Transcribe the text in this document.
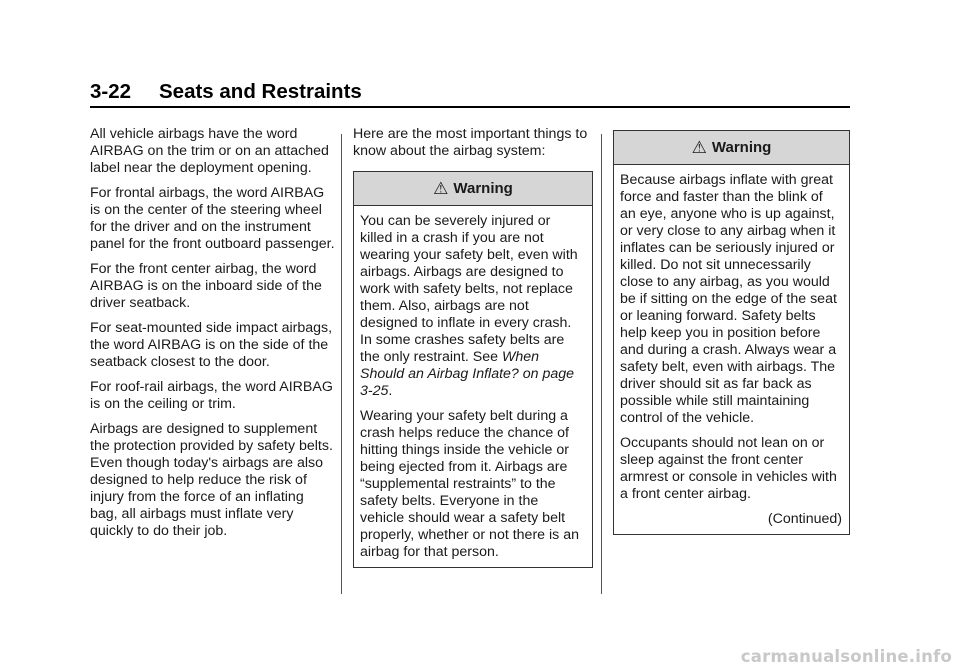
3-22 Seats and Restraints

All vehicle airbags have the word AIRBAG on the trim or on an attached label near the deployment opening.

For frontal airbags, the word AIRBAG is on the center of the steering wheel for the driver and on the instrument panel for the front outboard passenger.

For the front center airbag, the word AIRBAG is on the inboard side of the driver seatback.

For seat-mounted side impact airbags, the word AIRBAG is on the side of the seatback closest to the door.

For roof-rail airbags, the word AIRBAG is on the ceiling or trim.

Airbags are designed to supplement the protection provided by safety belts. Even though today's airbags are also designed to help reduce the risk of injury from the force of an inflating bag, all airbags must inflate very quickly to do their job.

Here are the most important things to know about the airbag system:

⚠ Warning

You can be severely injured or killed in a crash if you are not wearing your safety belt, even with airbags. Airbags are designed to work with safety belts, not replace them. Also, airbags are not designed to inflate in every crash. In some crashes safety belts are the only restraint. See When Should an Airbag Inflate? on page 3-25.

Wearing your safety belt during a crash helps reduce the chance of hitting things inside the vehicle or being ejected from it. Airbags are “supplemental restraints” to the safety belts. Everyone in the vehicle should wear a safety belt properly, whether or not there is an airbag for that person.

⚠ Warning

Because airbags inflate with great force and faster than the blink of an eye, anyone who is up against, or very close to any airbag when it inflates can be seriously injured or killed. Do not sit unnecessarily close to any airbag, as you would be if sitting on the edge of the seat or leaning forward. Safety belts help keep you in position before and during a crash. Always wear a safety belt, even with airbags. The driver should sit as far back as possible while still maintaining control of the vehicle.

Occupants should not lean on or sleep against the front center armrest or console in vehicles with a front center airbag.

(Continued)

carmanualsonline.info
